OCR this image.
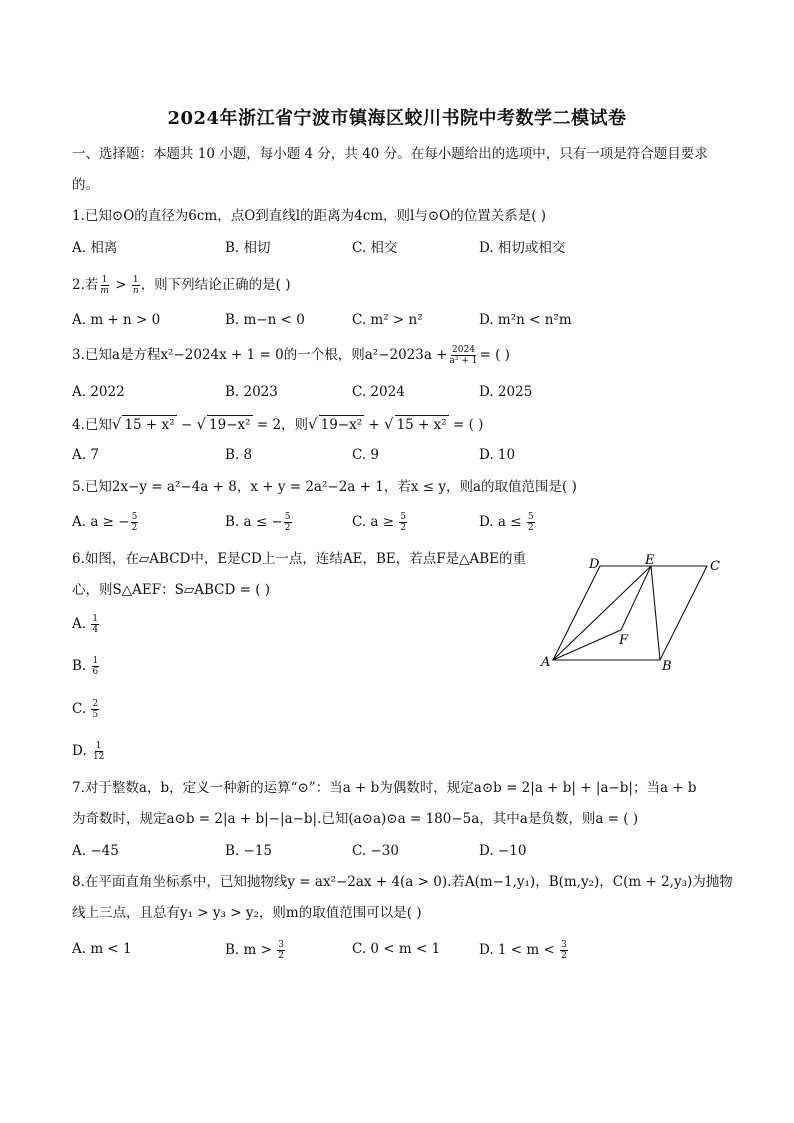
2024年浙江省宁波市镇海区蛟川书院中考数学二模试卷
一、选择题：本题共 10 小题，每小题 4 分，共 40 分。在每小题给出的选项中，只有一项是符合题目要求
的。
1.已知⊙O的直径为6cm，点O到直线l的距离为4cm，则l与⊙O的位置关系是( )
A. 相离	B. 相切	C. 相交	D. 相切或相交
2.若 $\frac{1}{m} > \frac{1}{n}$ ，则下列结论正确的是( )
A. m + n > 0	B. m−n < 0	C. m² > n²	D. m²n < n²m
3.已知a是方程x²−2024x + 1 = 0的一个根，则$a^2-2023a + \frac{2024}{\text{a² + 1}}$ = ( )
A. 2022	B. 2023	C. 2024	D. 2025
4.已知√ 15 + x² − √ 19−x² = 2，则√ 19−x² + √ 15 + x² = ( )
A. 7	B. 8	C. 9	D. 10
5.已知2x−y = a²−4a + 8，x + y = 2a²−2a + 1，若x ≤ y，则a的取值范围是( )
A. a ≥ − $\frac{5}{2}$	B. a ≤ − $\frac{5}{2}$	C. $a \ge \frac{5}{2}$	D. $a \le \frac{5}{2}$
6.如图，在▱ABCD中，E是CD上一点，连结AE，BE，若点F是△ABE的重
心，则S△AEF：S▱ABCD = ( )
A. $\frac{1}{4}$
B. $\frac{1}{6}$
C. $\frac{2}{5}$
D. $\frac{1}{12}$
A	B
C
D	E
F
7.对于整数a，b，定义一种新的运算“⊙”：当a + b为偶数时，规定a⊙b = 2|a + b| + |a−b|；当a + b
为奇数时，规定a⊙b = 2|a + b|−|a−b|.已知(a⊙a)⊙a = 180−5a，其中a是负数，则a = ( )
A. −45	B. −15	C. −30	D. −10
8.在平面直角坐标系中，已知抛物线y = ax²−2ax + 4(a > 0).若A(m−1,y₁)，B(m,y₂)，C(m + 2,y₃)为抛物
线上三点，且总有y₁ > y₃ > y₂，则m的取值范围可以是( )
A. m < 1	B. $m > \frac{3}{2}$	C. 0 < m < 1	D. $1 < m < \frac{3}{2}$
